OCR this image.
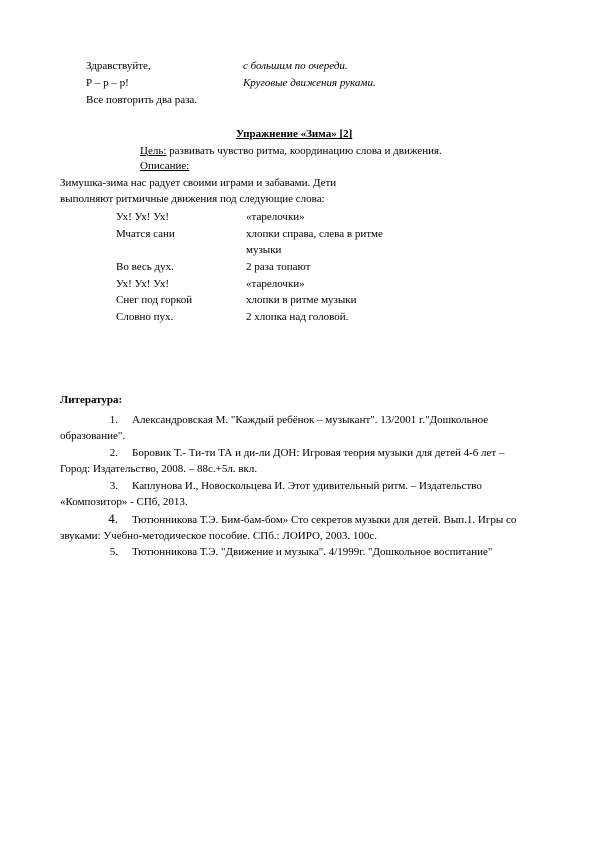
Здравствуйте,	с большим по очереди.
Р – р – р!	Круговые движения руками.
Все повторить два раза.
Упражнение «Зима» [2]
Цель: развивать чувство ритма, координацию слова и движения.
Описание:
Зимушка-зима нас радует своими играми и забавами. Дети
выполняют ритмичные движения под следующие слова:
Ух! Ух! Ух!	«тарелочки»
Мчатся сани	хлопки справа, слева в ритме
музыки
Во весь дух.	2 раза топают
Ух! Ух! Ух!	«тарелочки»
Снег под горкой	хлопки в ритме музыки
Словно пух.	2 хлопка над головой.
Литература:
1. Александровская М. "Каждый ребёнок – музыкант". 13/2001 г."Дошкольное
образование".
2. Боровик Т.- Ти-ти ТА и ди-ли ДОН: Игровая теория музыки для детей 4-6 лет –
Город: Издательство, 2008. – 88с.+5л. вкл.
3. Каплунова И., Новоскольцева И. Этот удивительный ритм. – Издательство
«Композитор» - СПб, 2013.
4. Тютюнникова Т.Э. Бим-бам-бом» Сто секретов музыки для детей. Вып.1. Игры со
звуками: Учебно-методическое пособие. СПб.: ЛОИРО, 2003. 100с.
5. Тютюнникова Т.Э. "Движение и музыка". 4/1999г. "Дошкольное воспитание"
